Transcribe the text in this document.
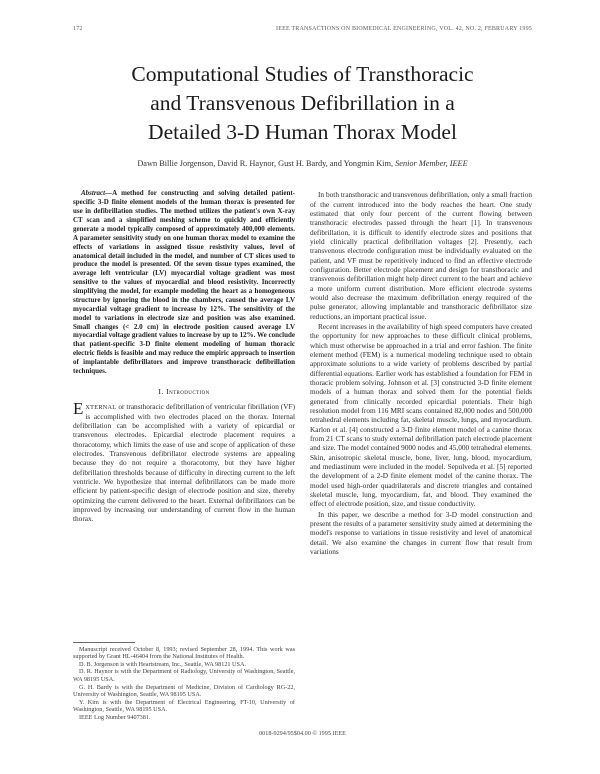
172	IEEE TRANSACTIONS ON BIOMEDICAL ENGINEERING, VOL. 42, NO. 2, FEBRUARY 1995
Computational Studies of Transthoracic
and Transvenous Defibrillation in a
Detailed 3-D Human Thorax Model
Dawn Billie Jorgenson, David R. Haynor, Gust H. Bardy, and Yongmin Kim, Senior Member, IEEE

Abstract—A method for constructing and solving detailed patient-specific 3-D finite element models of the human thorax is presented for use in defibrillation studies. The method utilizes the patient's own X-ray CT scan and a simplified meshing scheme to quickly and efficiently generate a model typically composed of approximately 400,000 elements. A parameter sensitivity study on one human thorax model to examine the effects of variations in assigned tissue resistivity values, level of anatomical detail included in the model, and number of CT slices used to produce the model is presented. Of the seven tissue types examined, the average left ventricular (LV) myocardial voltage gradient was most sensitive to the values of myocardial and blood resistivity. Incorrectly simplifying the model, for example modeling the heart as a homogeneous structure by ignoring the blood in the chambers, caused the average LV myocardial voltage gradient to increase by 12%. The sensitivity of the model to variations in electrode size and position was also examined. Small changes (< 2.0 cm) in electrode position caused average LV myocardial voltage gradient values to increase by up to 12%. We conclude that patient-specific 3-D finite element modeling of human thoracic electric fields is feasible and may reduce the empiric approach to insertion of implantable defibrillators and improve transthoracic defibrillation techniques.

I. Introduction

EXTERNAL or transthoracic defibrillation of ventricular fibrillation (VF) is accomplished with two electrodes placed on the thorax. Internal defibrillation can be accomplished with a variety of epicardial or transvenous electrodes. Epicardial electrode placement requires a thoracotomy, which limits the ease of use and scope of application of these electrodes. Transvenous defibrillator electrode systems are appealing because they do not require a thoracotomy, but they have higher defibrillation thresholds because of difficulty in directing current to the left ventricle. We hypothesize that internal defibrillators can be made more efficient by patient-specific design of electrode position and size, thereby optimizing the current delivered to the heart. External defibrillators can be improved by increasing our understanding of current flow in the human thorax.

Manuscript received October 8, 1993; revised September 28, 1994. This work was supported by Grant HL-46404 from the National Institutes of Health.

D. B. Jorgenson is with Heartstream, Inc., Seattle, WA 98121 USA.

D. R. Haynor is with the Department of Radiology, University of Washington, Seattle, WA 98195 USA.

G. H. Bardy is with the Department of Medicine, Division of Cardiology RG-22, University of Washington, Seattle, WA 98195 USA.

Y. Kim is with the Department of Electrical Engineering, FT-10, University of Washington, Seattle, WA 98195 USA.

IEEE Log Number 9407381.

In both transthoracic and transvenous defibrillation, only a small fraction of the current introduced into the body reaches the heart. One study estimated that only four percent of the current flowing between transthoracic electrodes passed through the heart [1]. In transvenous defibrillation, it is difficult to identify electrode sizes and positions that yield clinically practical defibrillation voltages [2]. Presently, each transvenous electrode configuration must be individually evaluated on the patient, and VF must be repetitively induced to find an effective electrode configuration. Better electrode placement and design for transthoracic and transvenous defibrillation might help direct current to the heart and achieve a more uniform current distribution. More efficient electrode systems would also decrease the maximum defibrillation energy required of the pulse generator, allowing implantable and transthoracic defibrillator size reductions, an important practical issue.

Recent increases in the availability of high speed computers have created the opportunity for new approaches to these difficult clinical problems, which must otherwise be approached in a trial and error fashion. The finite element method (FEM) is a numerical modeling technique used to obtain approximate solutions to a wide variety of problems described by partial differential equations. Earlier work has established a foundation for FEM in thoracic problem solving. Johnson et al. [3] constructed 3-D finite element models of a human thorax and solved them for the potential fields generated from clinically recorded epicardial potentials. Their high resolution model from 116 MRI scans contained 82,000 nodes and 500,000 tetrahedral elements including fat, skeletal muscle, lungs, and myocardium. Karlon et al. [4] constructed a 3-D finite element model of a canine thorax from 21 CT scans to study external defibrillation patch electrode placement and size. The model contained 9000 nodes and 45,000 tetrahedral elements. Skin, anisotropic skeletal muscle, bone, liver, lung, blood, myocardium, and mediastinum were included in the model. Sepulveda et al. [5] reported the development of a 2-D finite element model of the canine thorax. The model used high-order quadrilaterals and discrete triangles and contained skeletal muscle, lung, myocardium, fat, and blood. They examined the effect of electrode position, size, and tissue conductivity.

In this paper, we describe a method for 3-D model construction and present the results of a parameter sensitivity study aimed at determining the model's response to variations in tissue resistivity and level of anatomical detail. We also examine the changes in current flow that result from variations

0018-9294/95$04.00 © 1995 IEEE
